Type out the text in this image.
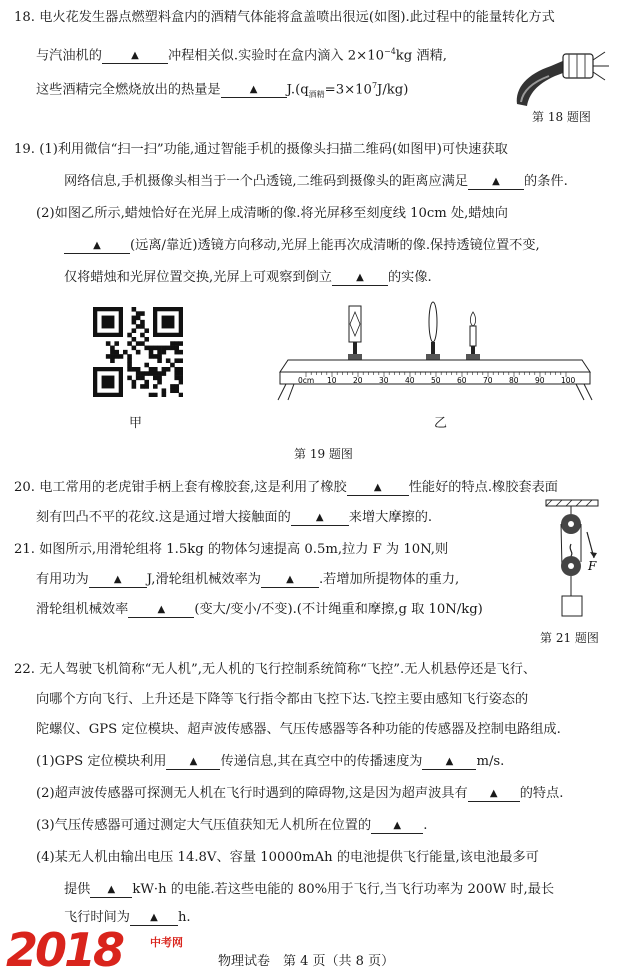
18. 电火花发生器点燃塑料盒内的酒精气体能将盒盖喷出很远(如图).此过程中的能量转化方式
与汽油机的	▲ 冲程相关似.实验时在盒内滴入 $2\times 10^{-4}kg$ 酒精,
这些酒精完全燃烧放出的热量是	▲ $J.(q_{酒精}=3\times 10^7J/kg)$
第 18 题图
19. (1)利用微信“扫一扫”功能,通过智能手机的摄像头扫描二维码(如图甲)可快速获取
网络信息,手机摄像头相当于一个凸透镜,二维码到摄像头的距离应满足 ▲ 的条件.
(2)如图乙所示,蜡烛恰好在光屏上成清晰的像.将光屏移至刻度线 10cm 处,蜡烛向
▲ (远离/靠近)透镜方向移动,光屏上能再次成清晰的像.保持透镜位置不变,
仅将蜡烛和光屏位置交换,光屏上可观察到倒立 ▲ 的实像.
甲
0cm 10 20 30 40 50 60 70 80 90 100
乙
第 19 题图
20. 电工常用的老虎钳手柄上套有橡胶套,这是利用了橡胶	▲ 性能好的特点.橡胶套表面
刻有凹凸不平的花纹.这是通过增大接触面的	▲ 来增大摩擦的.
21. 如图所示,用滑轮组将 1.5kg 的物体匀速提高 0.5m,拉力 F 为 10N,则
有用功为	▲ J,滑轮组机械效率为	▲ .若增加所提物体的重力,
滑轮组机械效率	▲ (变大/变小/不变).(不计绳重和摩擦,g 取 10N/kg)
F
第 21 题图
22. 无人驾驶飞机简称“无人机”,无人机的飞行控制系统简称“飞控”.无人机悬停还是飞行、
向哪个方向飞行、上升还是下降等飞行指令都由飞控下达.飞控主要由感知飞行姿态的
陀螺仪、GPS 定位模块、超声波传感器、气压传感器等各种功能的传感器及控制电路组成.
(1)GPS 定位模块利用 ▲ 传递信息,其在真空中的传播速度为 ▲ m/s.
(2)超声波传感器可探测无人机在飞行时遇到的障碍物,这是因为超声波具有 ▲ 的特点.
(3)气压传感器可通过测定大气压值获知无人机所在位置的 ▲ .
(4)某无人机由输出电压 14.8V、容量 10000mAh 的电池提供飞行能量,该电池最多可
提供 ▲ kW·h 的电能.若这些电能的 80%用于飞行,当飞行功率为 200W 时,最长
飞行时间为 ▲ h.
2018	中考网
物理试卷　第 4 页（共 8 页）
